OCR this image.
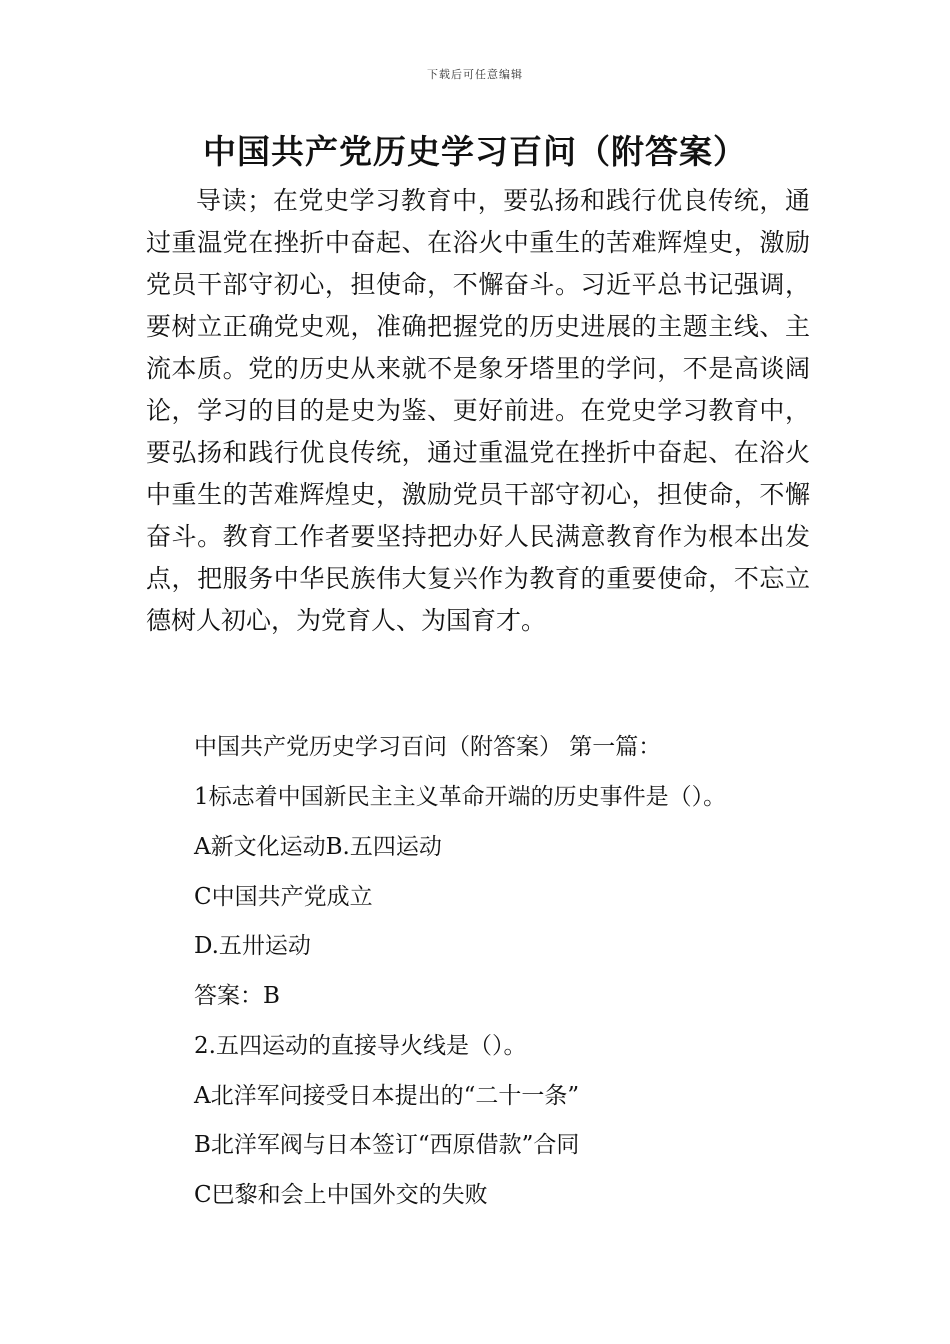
下载后可任意编辑
中国共产党历史学习百问（附答案）

导读；在党史学习教育中，要弘扬和践行优良传统，通过重温党在挫折中奋起、在浴火中重生的苦难辉煌史，激励党员干部守初心，担使命，不懈奋斗。习近平总书记强调，要树立正确党史观，准确把握党的历史进展的主题主线、主流本质。党的历史从来就不是象牙塔里的学问，不是高谈阔论，学习的目的是史为鉴、更好前进。在党史学习教育中，要弘扬和践行优良传统，通过重温党在挫折中奋起、在浴火中重生的苦难辉煌史，激励党员干部守初心，担使命，不懈奋斗。教育工作者要坚持把办好人民满意教育作为根本出发点，把服务中华民族伟大复兴作为教育的重要使命，不忘立德树人初心，为党育人、为国育才。

中国共产党历史学习百问（附答案） 第一篇：
1标志着中国新民主主义革命开端的历史事件是（）。
A新文化运动B.五四运动
C中国共产党成立
D.五卅运动
答案：B
2.五四运动的直接导火线是（）。
A北洋军问接受日本提出的“二十一条”
B北洋军阀与日本签订“西原借款”合同
C巴黎和会上中国外交的失败
